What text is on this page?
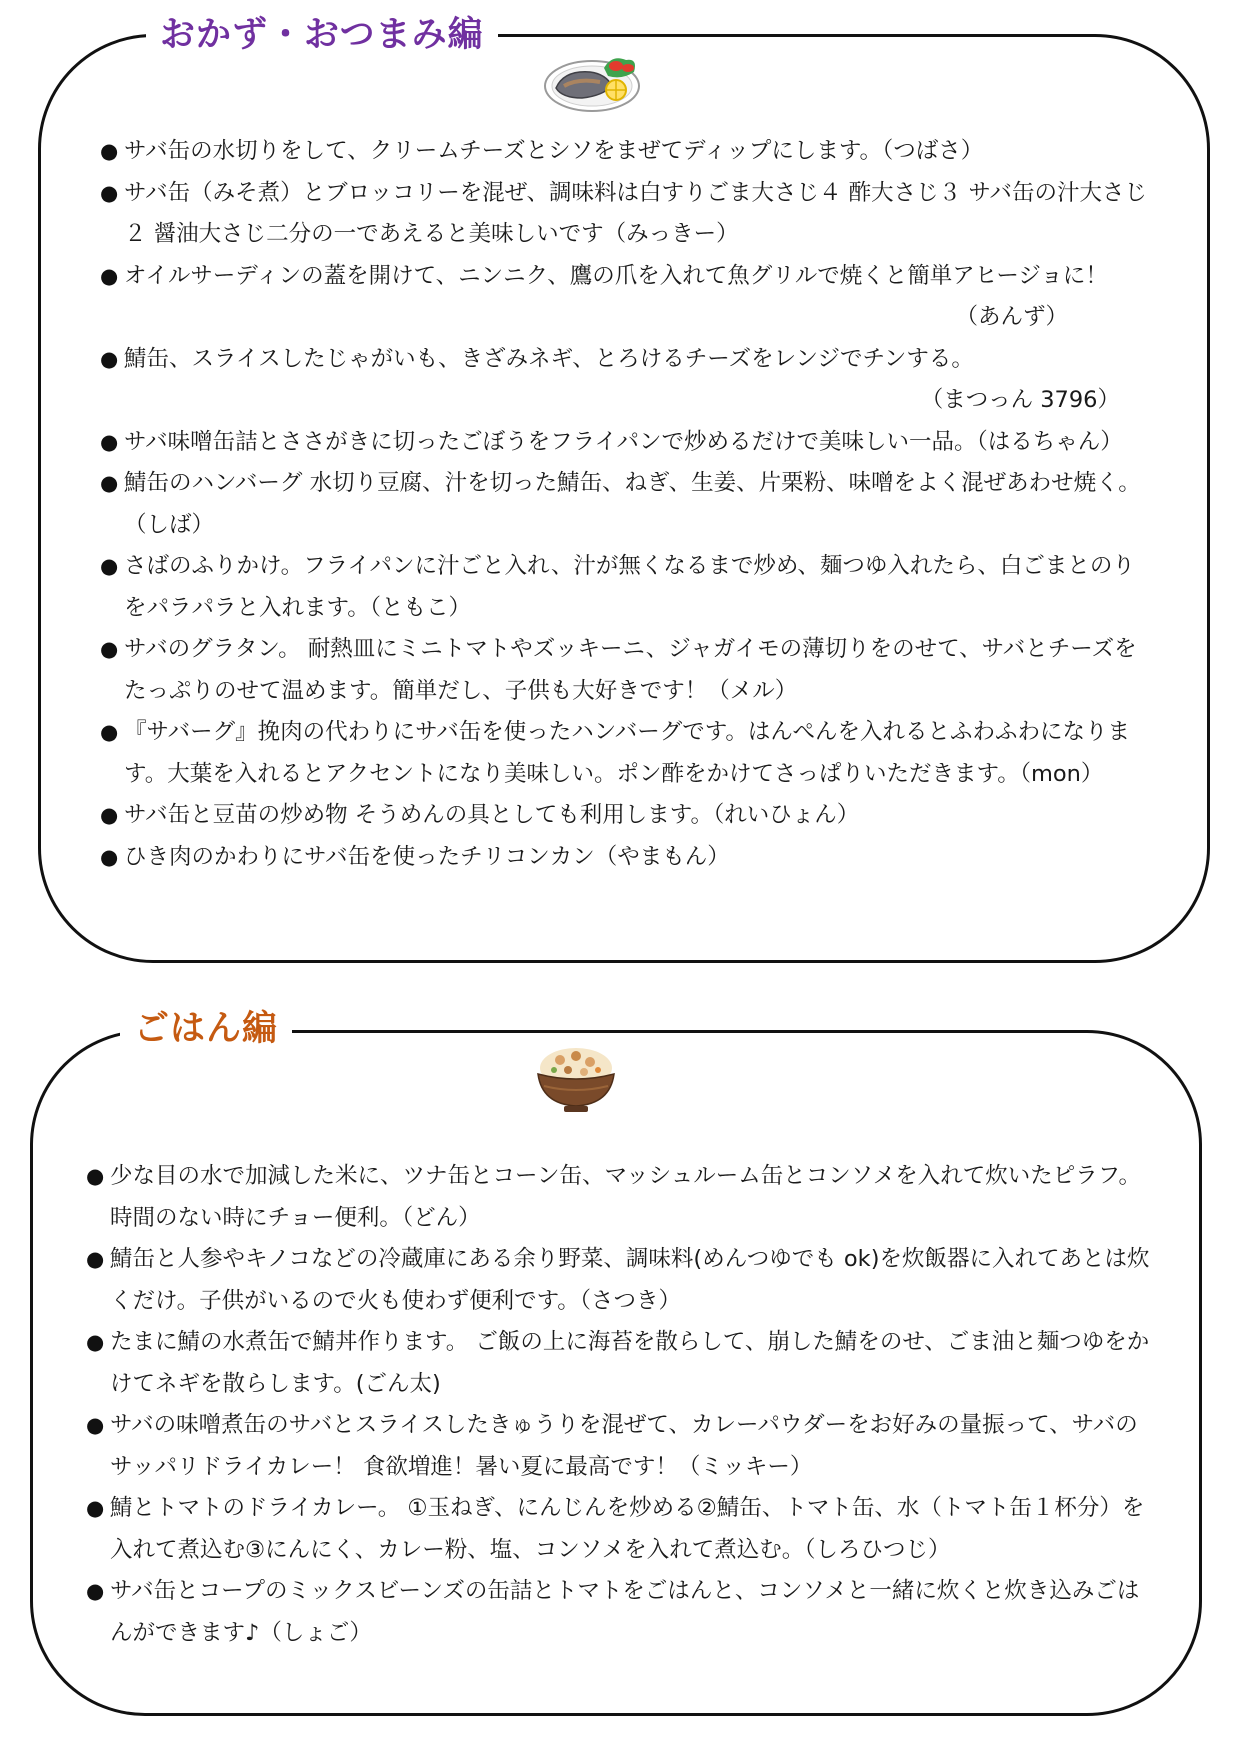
おかず・おつまみ編
● サバ缶の水切りをして、クリームチーズとシソをまぜてディップにします。（つばさ）
● サバ缶（みそ煮）とブロッコリーを混ぜ、調味料は白すりごま大さじ４ 酢大さじ３ サバ缶の汁大さじ２ 醤油大さじ二分の一であえると美味しいです（みっきー）
● オイルサーディンの蓋を開けて、ニンニク、鷹の爪を入れて魚グリルで焼くと簡単アヒージョに！
（あんず）
● 鯖缶、スライスしたじゃがいも、きざみネギ、とろけるチーズをレンジでチンする。
（まつっん 3796）
● サバ味噌缶詰とささがきに切ったごぼうをフライパンで炒めるだけで美味しい一品。（はるちゃん）
● 鯖缶のハンバーグ 水切り豆腐、汁を切った鯖缶、ねぎ、生姜、片栗粉、味噌をよく混ぜあわせ焼く。（しば）
● さばのふりかけ。フライパンに汁ごと入れ、汁が無くなるまで炒め、麺つゆ入れたら、白ごまとのりをパラパラと入れます。（ともこ）
● サバのグラタン。 耐熱皿にミニトマトやズッキーニ、ジャガイモの薄切りをのせて、サバとチーズをたっぷりのせて温めます。簡単だし、子供も大好きです！（メル）
● 『サバーグ』挽肉の代わりにサバ缶を使ったハンバーグです。はんぺんを入れるとふわふわになります。大葉を入れるとアクセントになり美味しい。ポン酢をかけてさっぱりいただきます。（mon）
● サバ缶と豆苗の炒め物 そうめんの具としても利用します。（れいひょん）
● ひき肉のかわりにサバ缶を使ったチリコンカン（やまもん）
ごはん編
● 少な目の水で加減した米に、ツナ缶とコーン缶、マッシュルーム缶とコンソメを入れて炊いたピラフ。時間のない時にチョー便利。（どん）
● 鯖缶と人参やキノコなどの冷蔵庫にある余り野菜、調味料(めんつゆでも ok)を炊飯器に入れてあとは炊くだけ。子供がいるので火も使わず便利です。（さつき）
● たまに鯖の水煮缶で鯖丼作ります。 ご飯の上に海苔を散らして、崩した鯖をのせ、ごま油と麺つゆをかけてネギを散らします。(ごん太)
● サバの味噌煮缶のサバとスライスしたきゅうりを混ぜて、カレーパウダーをお好みの量振って、サバのサッパリドライカレー！ 食欲増進！暑い夏に最高です！（ミッキー）
● 鯖とトマトのドライカレー。 ①玉ねぎ、にんじんを炒める②鯖缶、トマト缶、水（トマト缶１杯分）を入れて煮込む③にんにく、カレー粉、塩、コンソメを入れて煮込む。（しろひつじ）
● サバ缶とコープのミックスビーンズの缶詰とトマトをごはんと、コンソメと一緒に炊くと炊き込みごはんができます♪（しょご）
